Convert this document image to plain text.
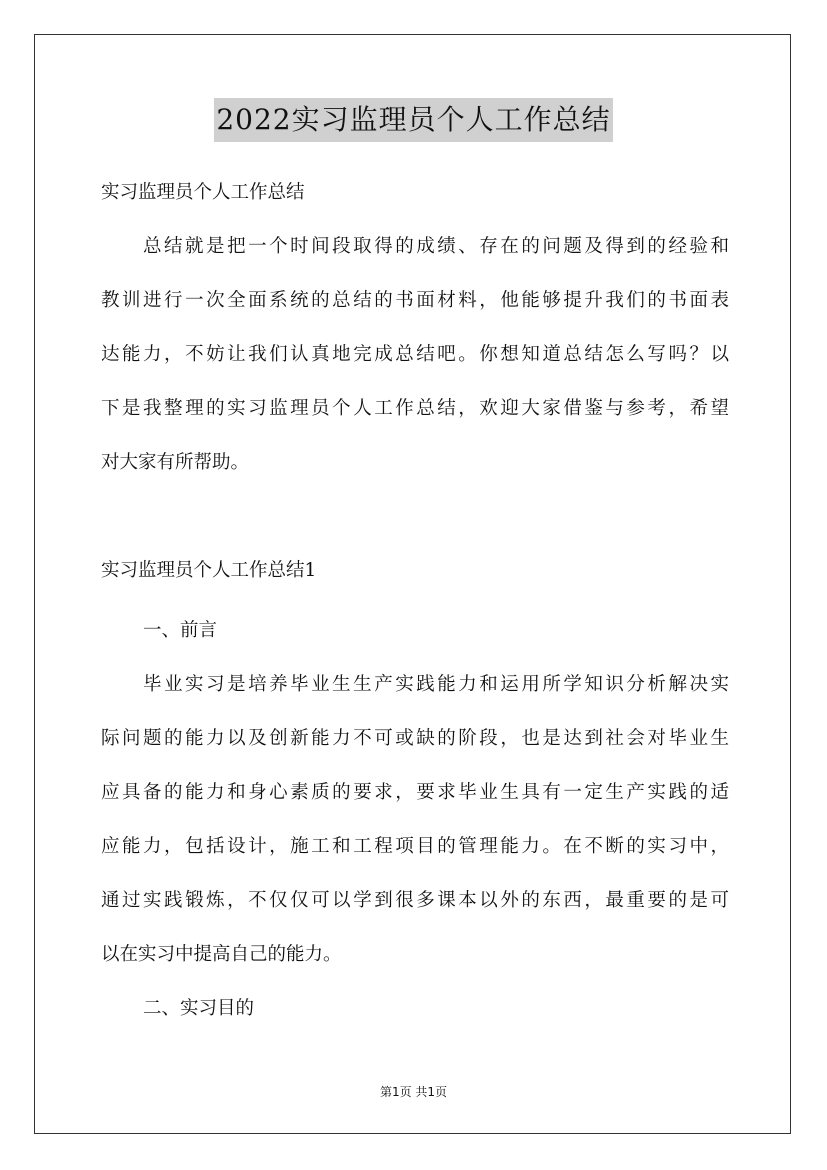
2022实习监理员个人工作总结
实习监理员个人工作总结
总结就是把一个时间段取得的成绩、存在的问题及得到的经验和
教训进行一次全面系统的总结的书面材料，他能够提升我们的书面表
达能力，不妨让我们认真地完成总结吧。你想知道总结怎么写吗？以
下是我整理的实习监理员个人工作总结，欢迎大家借鉴与参考，希望
对大家有所帮助。
实习监理员个人工作总结1
一、前言
毕业实习是培养毕业生生产实践能力和运用所学知识分析解决实
际问题的能力以及创新能力不可或缺的阶段，也是达到社会对毕业生
应具备的能力和身心素质的要求，要求毕业生具有一定生产实践的适
应能力，包括设计，施工和工程项目的管理能力。在不断的实习中，
通过实践锻炼，不仅仅可以学到很多课本以外的东西，最重要的是可
以在实习中提高自己的能力。
二、实习目的
第1页 共1页
